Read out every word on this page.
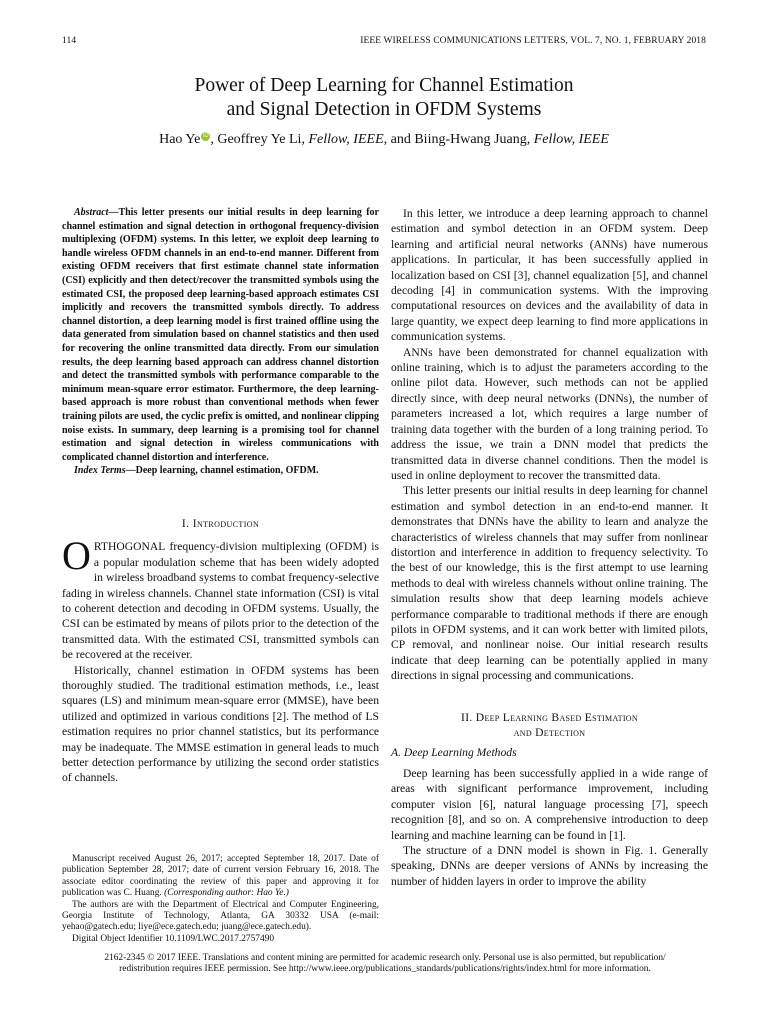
114	IEEE WIRELESS COMMUNICATIONS LETTERS, VOL. 7, NO. 1, FEBRUARY 2018
Power of Deep Learning for Channel Estimation
and Signal Detection in OFDM Systems
Hao Ye iD , Geoffrey Ye Li, Fellow, IEEE, and Biing-Hwang Juang, Fellow, IEEE

Abstract—This letter presents our initial results in deep learning for channel estimation and signal detection in orthogonal frequency-division multiplexing (OFDM) systems. In this letter, we exploit deep learning to handle wireless OFDM channels in an end-to-end manner. Different from existing OFDM receivers that first estimate channel state information (CSI) explicitly and then detect/recover the transmitted symbols using the estimated CSI, the proposed deep learning-based approach estimates CSI implicitly and recovers the transmitted symbols directly. To address channel distortion, a deep learning model is first trained offline using the data generated from simulation based on channel statistics and then used for recovering the online transmitted data directly. From our simulation results, the deep learning based approach can address channel distortion and detect the transmitted symbols with performance comparable to the minimum mean-square error estimator. Furthermore, the deep learning-based approach is more robust than conventional methods when fewer training pilots are used, the cyclic prefix is omitted, and nonlinear clipping noise exists. In summary, deep learning is a promising tool for channel estimation and signal detection in wireless communications with complicated channel distortion and interference.

Index Terms—Deep learning, channel estimation, OFDM.

I. Introduction

ORTHOGONAL frequency-division multiplexing (OFDM) is a popular modulation scheme that has been widely adopted in wireless broadband systems to combat frequency-selective fading in wireless channels. Channel state information (CSI) is vital to coherent detection and decoding in OFDM systems. Usually, the CSI can be estimated by means of pilots prior to the detection of the transmitted data. With the estimated CSI, transmitted symbols can be recovered at the receiver.

Historically, channel estimation in OFDM systems has been thoroughly studied. The traditional estimation methods, i.e., least squares (LS) and minimum mean-square error (MMSE), have been utilized and optimized in various conditions [2]. The method of LS estimation requires no prior channel statistics, but its performance may be inadequate. The MMSE estimation in general leads to much better detection performance by utilizing the second order statistics of channels.

Manuscript received August 26, 2017; accepted September 18, 2017. Date of publication September 28, 2017; date of current version February 16, 2018. The associate editor coordinating the review of this paper and approving it for publication was C. Huang. (Corresponding author: Hao Ye.)

The authors are with the Department of Electrical and Computer Engineering, Georgia Institute of Technology, Atlanta, GA 30332 USA (e-mail: yehao@gatech.edu; liye@ece.gatech.edu; juang@ece.gatech.edu).

Digital Object Identifier 10.1109/LWC.2017.2757490

In this letter, we introduce a deep learning approach to channel estimation and symbol detection in an OFDM system. Deep learning and artificial neural networks (ANNs) have numerous applications. In particular, it has been successfully applied in localization based on CSI [3], channel equalization [5], and channel decoding [4] in communication systems. With the improving computational resources on devices and the availability of data in large quantity, we expect deep learning to find more applications in communication systems.

ANNs have been demonstrated for channel equalization with online training, which is to adjust the parameters according to the online pilot data. However, such methods can not be applied directly since, with deep neural networks (DNNs), the number of parameters increased a lot, which requires a large number of training data together with the burden of a long training period. To address the issue, we train a DNN model that predicts the transmitted data in diverse channel conditions. Then the model is used in online deployment to recover the transmitted data.

This letter presents our initial results in deep learning for channel estimation and symbol detection in an end-to-end manner. It demonstrates that DNNs have the ability to learn and analyze the characteristics of wireless channels that may suffer from nonlinear distortion and interference in addition to frequency selectivity. To the best of our knowledge, this is the first attempt to use learning methods to deal with wireless channels without online training. The simulation results show that deep learning models achieve performance comparable to traditional methods if there are enough pilots in OFDM systems, and it can work better with limited pilots, CP removal, and nonlinear noise. Our initial research results indicate that deep learning can be potentially applied in many directions in signal processing and communications.

II. Deep Learning Based Estimation
and Detection
A. Deep Learning Methods

Deep learning has been successfully applied in a wide range of areas with significant performance improvement, including computer vision [6], natural language processing [7], speech recognition [8], and so on. A comprehensive introduction to deep learning and machine learning can be found in [1].

The structure of a DNN model is shown in Fig. 1. Generally speaking, DNNs are deeper versions of ANNs by increasing the number of hidden layers in order to improve the ability

2162-2345 © 2017 IEEE. Translations and content mining are permitted for academic research only. Personal use is also permitted, but republication/
redistribution requires IEEE permission. See http://www.ieee.org/publications_standards/publications/rights/index.html for more information.
